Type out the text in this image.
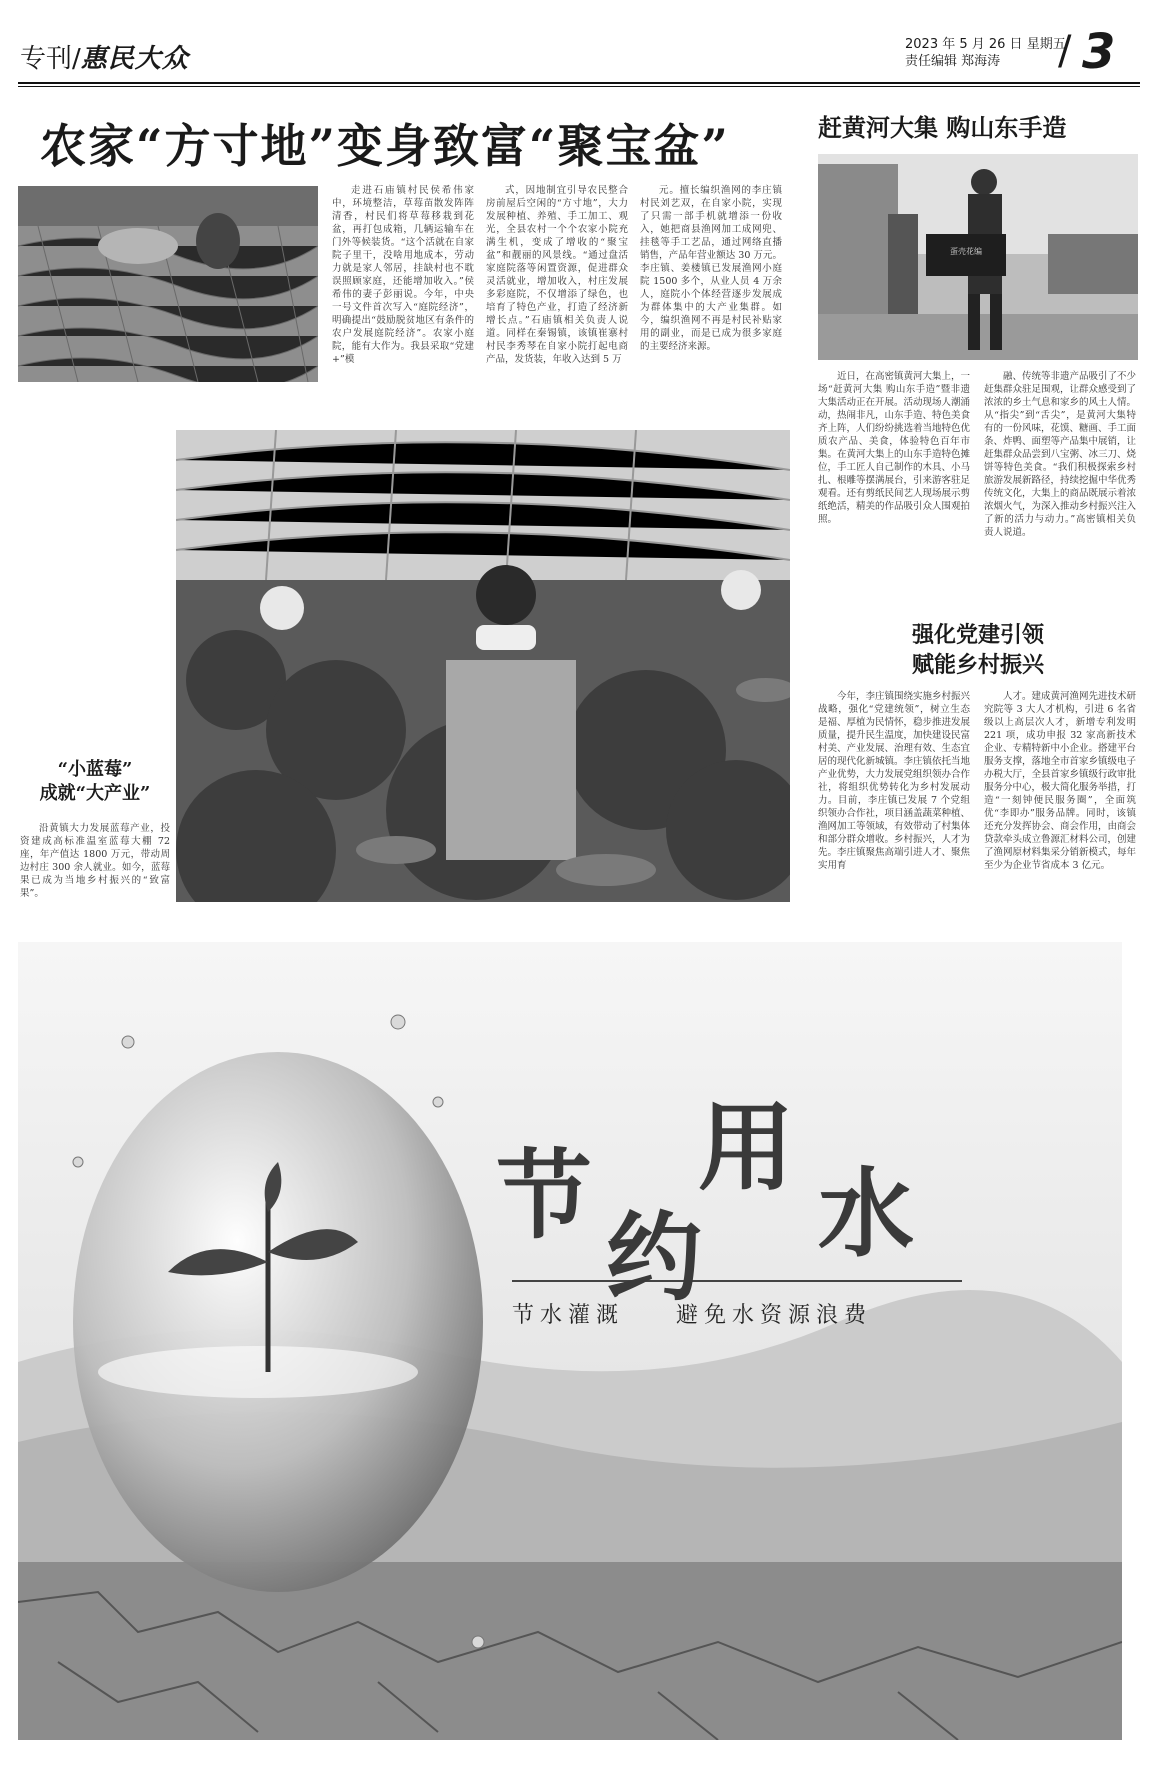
专刊/惠民大众	2023 年 5 月 26 日 星期五
责任编辑 郑海涛	/ 3
农家“方寸地”变身致富“聚宝盆”

走进石庙镇村民侯希伟家中，环境整洁，草莓苗散发阵阵清香，村民们将草莓移栽到花盆，再打包成箱，几辆运输车在门外等候装货。“这个活就在自家院子里干，没啥用地成本，劳动力就是家人邻居，挂缺村也不耽误照顾家庭，还能增加收入。”侯希伟的妻子彭丽说。今年，中央一号文件首次写入“庭院经济”，明确提出“鼓励脱贫地区有条件的农户发展庭院经济”。农家小庭院，能有大作为。我县采取“党建+”模

式，因地制宜引导农民整合房前屋后空闲的“方寸地”，大力发展种植、养殖、手工加工、观光，全县农村一个个农家小院充满生机，变成了增收的“聚宝盆”和靓丽的风景线。“通过盘活家庭院落等闲置资源，促进群众灵活就业，增加收入，村庄发展多彩庭院，不仅增添了绿色，也培育了特色产业，打造了经济新增长点。”石庙镇相关负责人说道。同样在秦锡镇，该镇崔寨村村民李秀琴在自家小院打起电商产品，发货装，年收入达到 5 万

元。擅长编织渔网的李庄镇村民刘艺双，在自家小院，实现了只需一部手机就增添一份收入，她把商县渔网加工成网兜、挂毯等手工艺品，通过网络直播销售，产品年营业额达 30 万元。李庄镇、姜楼镇已发展渔网小庭院 1500 多个，从业人员 4 万余人，庭院小个体经营逐步发展成为群体集中的大产业集群。如今，编织渔网不再是村民补贴家用的副业，而是已成为很多家庭的主要经济来源。

赶黄河大集 购山东手造
蛋壳花编

近日，在高密镇黄河大集上，一场“赶黄河大集 购山东手造”暨非遗大集活动正在开展。活动现场人潮涌动，热闹非凡，山东手造、特色美食齐上阵，人们纷纷挑选着当地特色优质农产品、美食，体验特色百年市集。在黄河大集上的山东手造特色摊位，手工匠人自己制作的木具、小马扎、根雕等摆满展台，引来游客驻足观看。还有剪纸民间艺人现场展示剪纸绝活，精美的作品吸引众人围观拍照。

融、传统等非遗产品吸引了不少赶集群众驻足围观，让群众感受到了浓浓的乡土气息和家乡的风土人情。从“指尖”到“舌尖”，是黄河大集特有的一份风味，花馍、糖画、手工面条、炸鸭、面塑等产品集中展销，让赶集群众品尝到八宝粥、冰三刀、烧饼等特色美食。“我们积极探索乡村旅游发展新路径，持续挖掘中华优秀传统文化，大集上的商品既展示着浓浓烟火气，为深入推动乡村振兴注入了新的活力与动力。”高密镇相关负责人说道。

“小蓝莓”
成就“大产业”

沿黄镇大力发展蓝莓产业，投资建成高标准温室蓝莓大棚 72 座，年产值达 1800 万元，带动周边村庄 300 余人就业。如今，蓝莓果已成为当地乡村振兴的“致富果”。

强化党建引领
赋能乡村振兴

今年，李庄镇围绕实施乡村振兴战略，强化“党建统领”，树立生态是福、厚植为民情怀，稳步推进发展质量，提升民生温度，加快建设民富村美、产业发展、治理有效、生态宜居的现代化新城镇。李庄镇依托当地产业优势，大力发展党组织领办合作社，将组织优势转化为乡村发展动力。目前，李庄镇已发展 7 个党组织领办合作社，项目涵盖蔬菜种植、渔网加工等领域，有效带动了村集体和部分群众增收。乡村振兴，人才为先。李庄镇聚焦高端引进人才、聚焦实用育

人才。建成黄河渔网先进技术研究院等 3 大人才机构，引进 6 名省级以上高层次人才，新增专利发明 221 项，成功申报 32 家高新技术企业、专精特新中小企业。搭建平台服务支撑，落地全市首家乡镇级电子办税大厅，全县首家乡镇级行政审批服务分中心，极大简化服务举措，打造“一刻钟便民服务圈”，全面筑优“李即办”服务品牌。同时，该镇还充分发挥协会、商会作用，由商会贷款牵头成立鲁源汇材料公司，创建了渔网原材料集采分销新模式，每年至少为企业节省成本 3 亿元。

节
约
用
水
节水灌溉    避免水资源浪费
